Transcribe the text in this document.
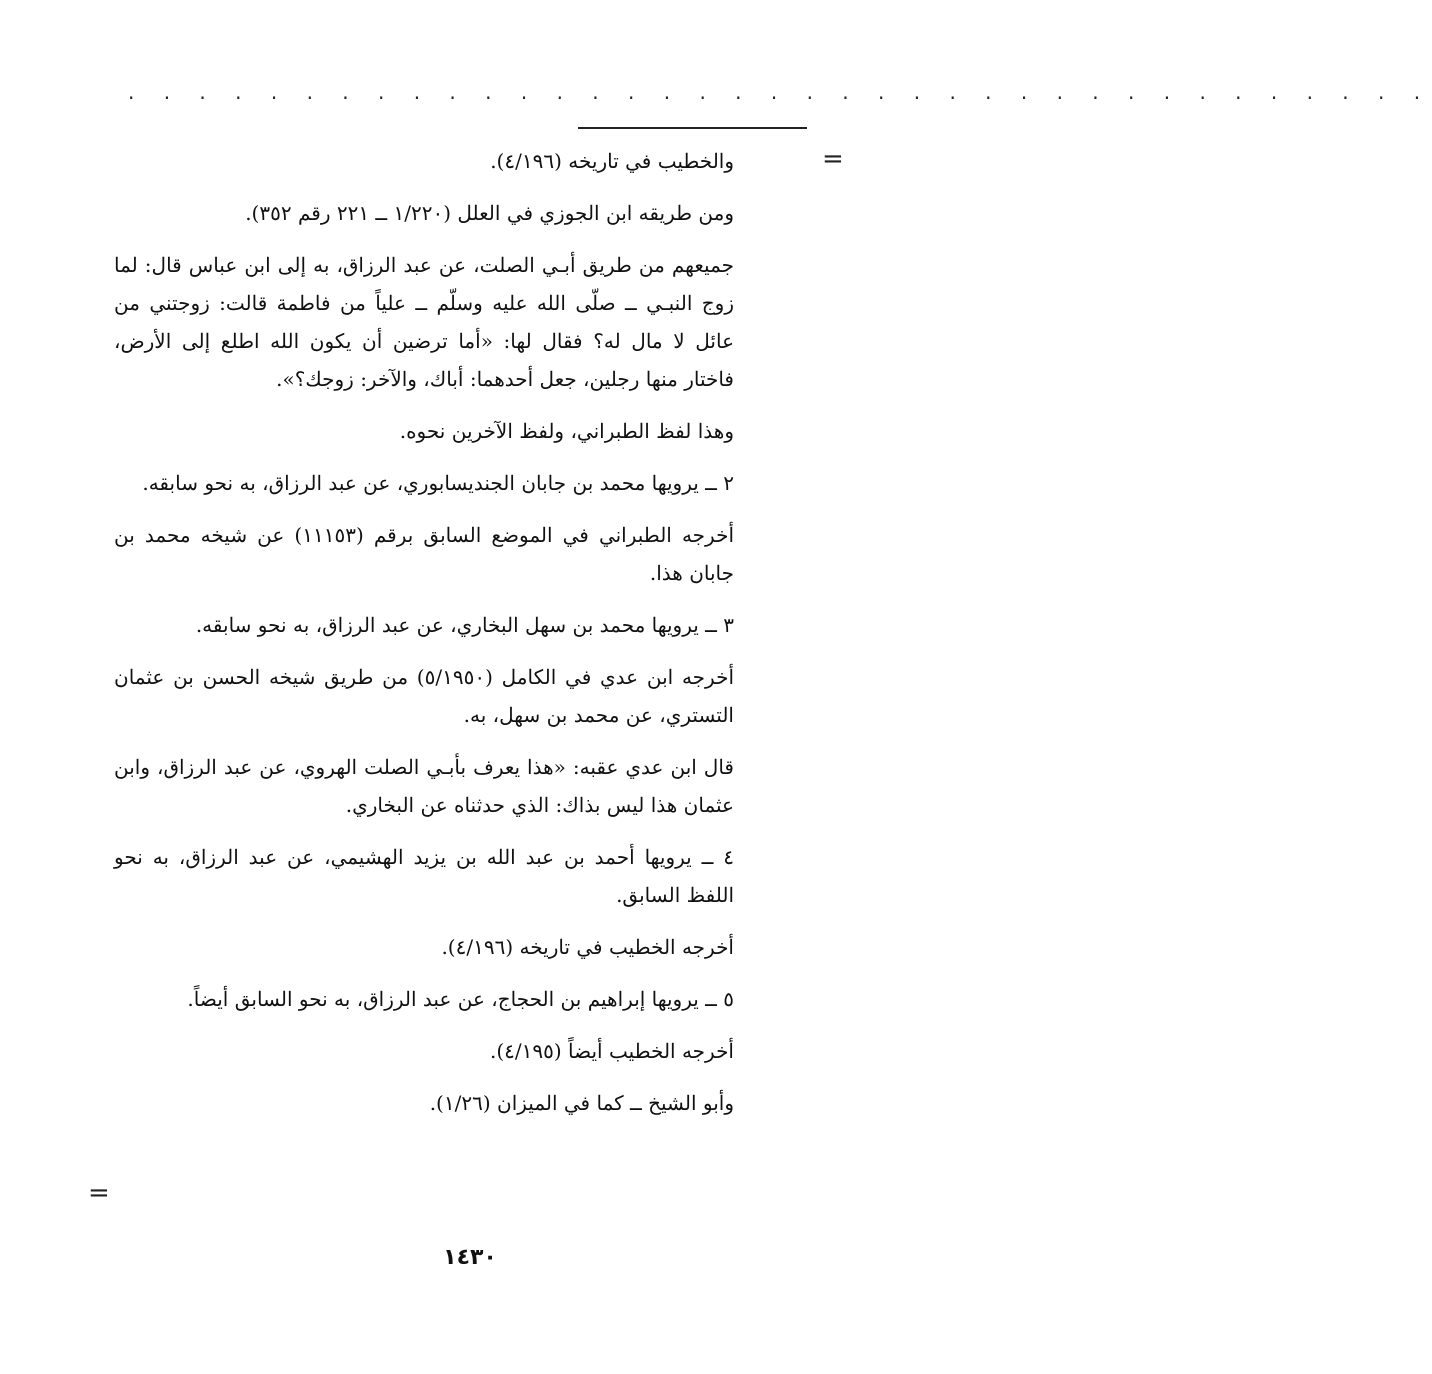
. . . . . . . . . . . . . . . . . . . . . . . . . . . . . . . . . . . . .
=
=

والخطيب في تاريخه (٤/١٩٦).

ومن طريقه ابن الجوزي في العلل (١/٢٢٠ ــ ٢٢١ رقم ٣٥٢).

جميعهم من طريق أبـي الصلت، عن عبد الرزاق، به إلى ابن عباس قال: لما زوج النبـي ــ صلّى الله عليه وسلّم ــ علياً من فاطمة قالت: زوجتني من عائل لا مال له؟ فقال لها: «أما ترضين أن يكون الله اطلع إلى الأرض، فاختار منها رجلين، جعل أحدهما: أباك، والآخر: زوجك؟».

وهذا لفظ الطبراني، ولفظ الآخرين نحوه.

٢ ــ يرويها محمد بن جابان الجنديسابوري، عن عبد الرزاق، به نحو سابقه.

أخرجه الطبراني في الموضع السابق برقم (١١١٥٣) عن شيخه محمد بن جابان هذا.

٣ ــ يرويها محمد بن سهل البخاري، عن عبد الرزاق، به نحو سابقه.

أخرجه ابن عدي في الكامل (٥/١٩٥٠) من طريق شيخه الحسن بن عثمان التستري، عن محمد بن سهل، به.

قال ابن عدي عقبه: «هذا يعرف بأبـي الصلت الهروي، عن عبد الرزاق، وابن عثمان هذا ليس بذاك: الذي حدثناه عن البخاري.

٤ ــ يرويها أحمد بن عبد الله بن يزيد الهشيمي، عن عبد الرزاق، به نحو اللفظ السابق.

أخرجه الخطيب في تاريخه (٤/١٩٦).

٥ ــ يرويها إبراهيم بن الحجاج، عن عبد الرزاق، به نحو السابق أيضاً.

أخرجه الخطيب أيضاً (٤/١٩٥).

وأبو الشيخ ــ كما في الميزان (١/٢٦).

١٤٣٠
